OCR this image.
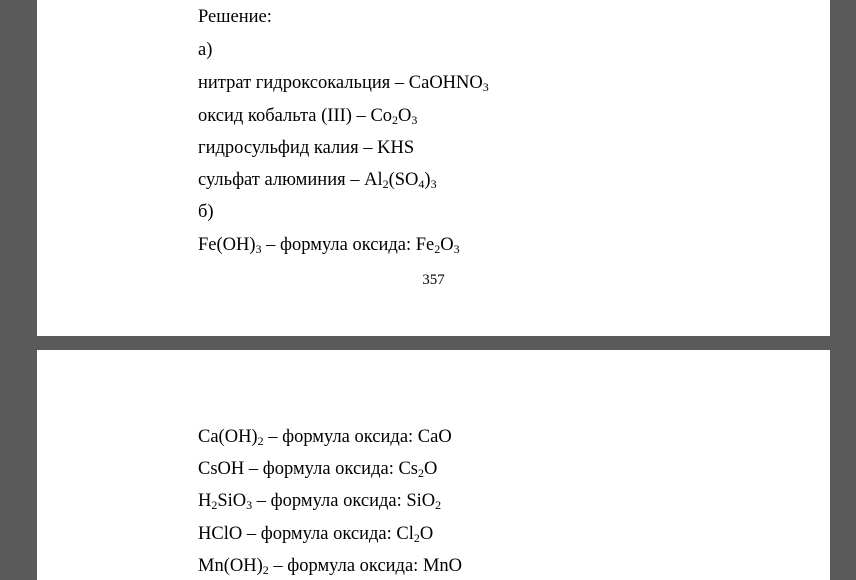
Решение:
а)
нитрат гидроксокальция – CaOHNO$_3$
оксид кобальта $(III) - Co_2O_3$
гидросульфид калия – KHS
сульфат алюминия – $Al_2(SO_4)_3$
б)
$Fe(OH)_3$ – формула оксида: $Fe_2O_3$
357
$Ca(OH)_2$ – формула оксида: CaO
CsOH – формула оксида: $Cs_2O$
$H_2SiO_3$ – формула оксида: SiO$_2$
HClO – формула оксида: $Cl_2O$
$Mn(OH)_2$ – формула оксида: MnO
